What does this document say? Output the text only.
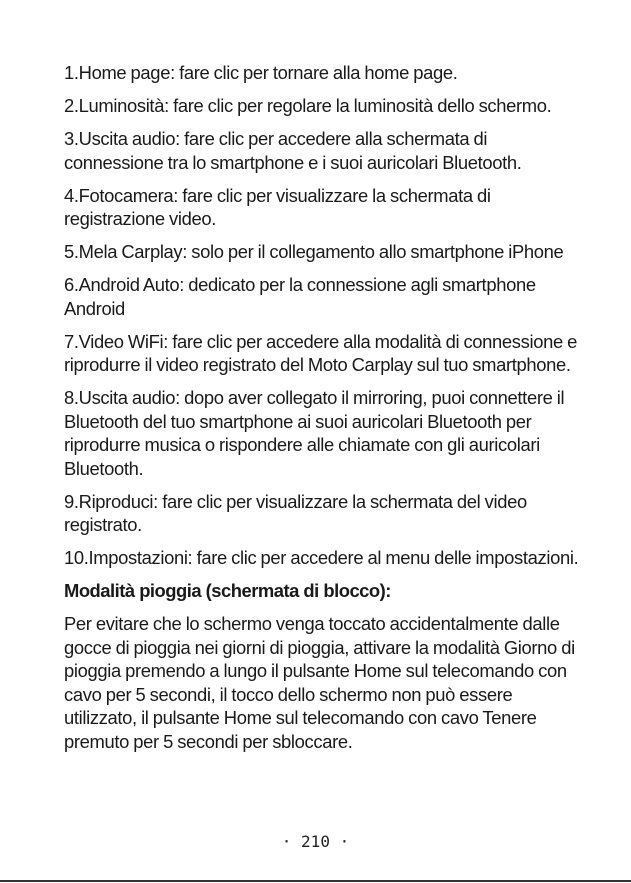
1.Home page: fare clic per tornare alla home page.

2.Luminosità: fare clic per regolare la luminosità dello schermo.

3.Uscita audio: fare clic per accedere alla schermata di connessione tra lo smartphone e i suoi auricolari Bluetooth.

4.Fotocamera: fare clic per visualizzare la schermata di registrazione video.

5.Mela Carplay: solo per il collegamento allo smartphone iPhone

6.Android Auto: dedicato per la connessione agli smartphone Android

7.Video WiFi: fare clic per accedere alla modalità di connessione e riprodurre il video registrato del Moto Carplay sul tuo smartphone.

8.Uscita audio: dopo aver collegato il mirroring, puoi connettere il Bluetooth del tuo smartphone ai suoi auricolari Bluetooth per riprodurre musica o rispondere alle chiamate con gli auricolari Bluetooth.

9.Riproduci: fare clic per visualizzare la schermata del video registrato.

10.Impostazioni: fare clic per accedere al menu delle impostazioni.

Modalità pioggia (schermata di blocco):

Per evitare che lo schermo venga toccato accidentalmente dalle gocce di pioggia nei giorni di pioggia, attivare la modalità Giorno di pioggia premendo a lungo il pulsante Home sul telecomando con cavo per 5 secondi, il tocco dello schermo non può essere utilizzato, il pulsante Home sul telecomando con cavo Tenere premuto per 5 secondi per sbloccare.

· 210 ·
